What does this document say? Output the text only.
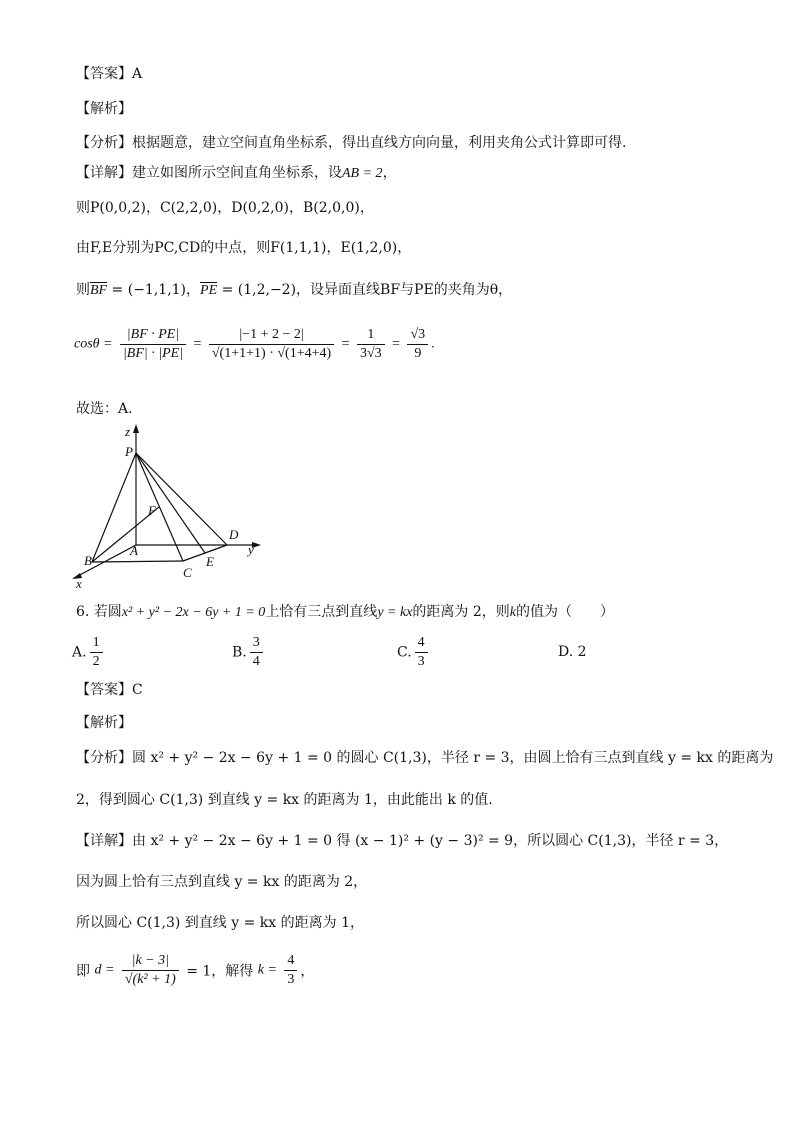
【答案】A
【解析】
【分析】根据题意，建立空间直角坐标系，得出直线方向向量，利用夹角公式计算即可得.
【详解】建立如图所示空间直角坐标系，设AB = 2，
则P(0,0,2)，C(2,2,0)，D(0,2,0)，B(2,0,0)，
由F,E分别为PC,CD的中点，则F(1,1,1)，E(1,2,0)，
则$\overline{BF} = (-1,1,1)$，$\overline{PE} = (1,2,-2)$，设异面直线BF与PE的夹角为θ，
$\cos\theta = \frac{|BF \cdot PE|}{|BF| \cdot |PE|} = \frac{|-1 + 2 - 2|}{√(1+1+1) \cdot √(1+4+4)} = \frac{1}{3√3} = \frac{√3}{9}$ .
故选：A.
z
P
F
D
y
A
B	E
C
x
6. 若圆x² + y² − 2x − 6y + 1 = 0上恰有三点到直线y = kx的距离为 2，则k的值为（　　）
A. $\frac{1}{2}$	B. $\frac{3}{4}$	C. $\frac{4}{3}$	D. 2
【答案】C
【解析】
【分析】圆 x² + y² − 2x − 6y + 1 = 0 的圆心 C(1,3)，半径 r = 3，由圆上恰有三点到直线 y = kx 的距离为
2，得到圆心 C(1,3) 到直线 y = kx 的距离为 1，由此能出 k 的值.
【详解】由 x² + y² − 2x − 6y + 1 = 0 得 (x − 1)² + (y − 3)² = 9，所以圆心 C(1,3)，半径 r = 3，
因为圆上恰有三点到直线 y = kx 的距离为 2，
所以圆心 C(1,3) 到直线 y = kx 的距离为 1，
即 $d = \frac{|k - 3|}{\text{√(k² + 1)}} = 1$，解得 $k = \frac{4}{3}$ ，
